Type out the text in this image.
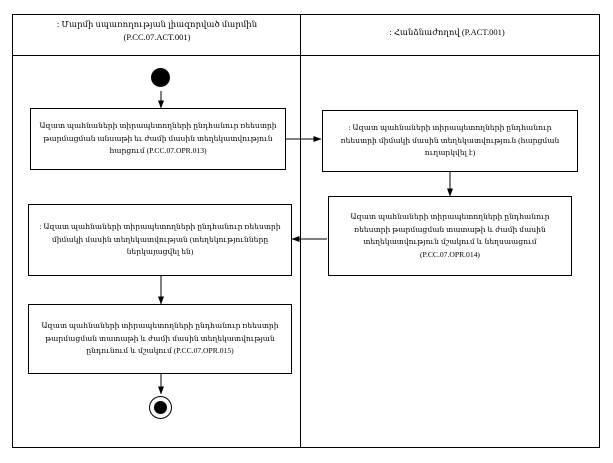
: Մարմի սպառողության լիազորված մարմին (P.CC.07.ACT.001)	: Հանձնաժողով (P.ACT.001)
Ազատ պահնաների տիրապետողների ընդհանուր ռեեստրի թարմացման անսաթի եւ ժամի մասին տեղեկատվություն հարցում (P.CC.07.OPR.013)
: Ազատ պահնաների տիրապետողների ընդհանուր ռեեստրի միմակի մասին տեղեկատվություն (հարցման ուղարկվել է)
Ազատ պահնաների տիրապետողների ընդհանուր ռեեստրի թարմացման տատաթի և ժամի մասին տեղեկատվություն մշակում և նեղսաացում (P.CC.07.OPR.014)
: Ազատ պահնաների տիրապետողների ընդհանուր ռեեստրի միմակի մասին տեղեկատվության (տեղեկությունները ներկայացվել են)
Ազատ պահնաների տիրապետողների ընդհանուր ռեեստրի թարմացման տատաթի և ժամի մասին տեղեկատվության ընդունում և մշակում (P.CC.07.OPR.015)
